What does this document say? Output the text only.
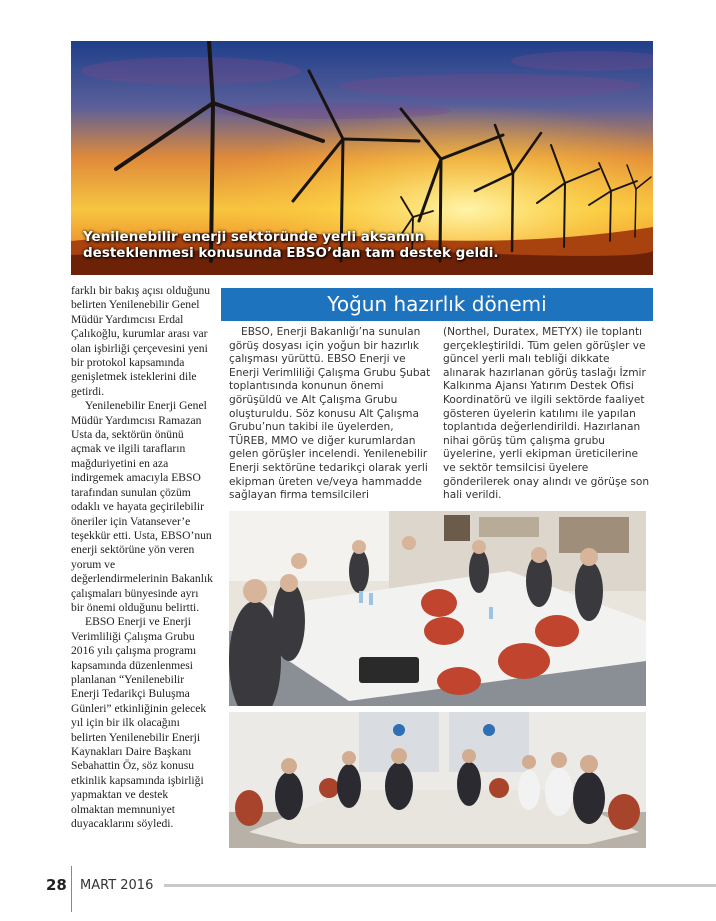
Yenilenebilir enerji sektöründe yerli aksamın
desteklenmesi konusunda EBSO’dan tam destek geldi.

farklı bir bakış açısı olduğunu belirten Yenilenebilir Genel Müdür Yardımcısı Erdal Çalıkoğlu, kurumlar arası var olan işbirliği çerçevesini yeni bir protokol kapsamında genişletmek isteklerini dile getirdi.

Yenilenebilir Enerji Genel Müdür Yardımcısı Ramazan Usta da, sektörün önünü açmak ve ilgili tarafların mağduriyetini en aza indirgemek amacıyla EBSO tarafından sunulan çözüm odaklı ve hayata geçirilebilir öneriler için Vatansever’e teşekkür etti. Usta, EBSO’nun enerji sektörüne yön veren yorum ve değerlendirmelerinin Bakanlık çalışmaları bünyesinde ayrı bir önemi olduğunu belirtti.

EBSO Enerji ve Enerji Verimliliği Çalışma Grubu 2016 yılı çalışma programı kapsamında düzenlenmesi planlanan “Yenilenebilir Enerji Tedarikçi Buluşma Günleri” etkinliğinin gelecek yıl için bir ilk olacağını belirten Yenilenebilir Enerji Kaynakları Daire Başkanı Sebahattin Öz, söz konusu etkinlik kapsamında işbirliği yapmaktan ve destek olmaktan memnuniyet duyacaklarını söyledi.

Yoğun hazırlık dönemi

EBSO, Enerji Bakanlığı’na sunulan görüş dosyası için yoğun bir hazırlık çalışması yürüttü. EBSO Enerji ve Enerji Verimliliği Çalışma Grubu Şubat toplantısında konunun önemi görüşüldü ve Alt Çalışma Grubu oluşturuldu. Söz konusu Alt Çalışma Grubu’nun takibi ile üyelerden, TÜREB, MMO ve diğer kurumlardan gelen görüşler incelendi. Yenilenebilir Enerji sektörüne tedarikçi olarak yerli ekipman üreten ve/veya hammadde sağlayan firma temsilcileri

(Northel, Duratex, METYX) ile toplantı gerçekleştirildi. Tüm gelen görüşler ve güncel yerli malı tebliği dikkate alınarak hazırlanan görüş taslağı İzmir Kalkınma Ajansı Yatırım Destek Ofisi Koordinatörü ve ilgili sektörde faaliyet gösteren üyelerin katılımı ile yapılan toplantıda değerlendirildi. Hazırlanan nihai görüş tüm çalışma grubu üyelerine, yerli ekipman üreticilerine ve sektör temsilcisi üyelere gönderilerek onay alındı ve görüşe son hali verildi.

28 MART 2016
